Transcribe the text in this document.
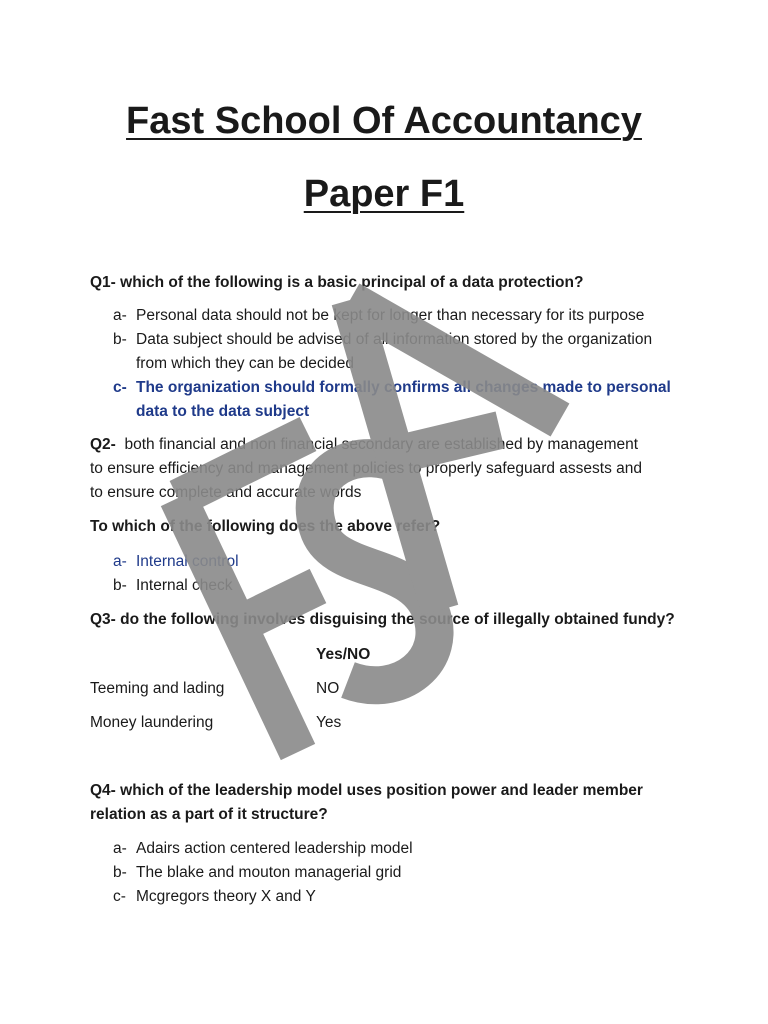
Fast School Of Accountancy
Paper F1
Q1- which of the following is a basic principal of a data protection?
a- Personal data should not be kept for longer than necessary for its purpose
b- Data subject should be advised of all information stored by the organization
from which they can be decided
c- The organization should formally confirms all changes made to personal
data to the data subject
Q2- both financial and non financial secondary are established by management
to ensure efficiency and management policies to properly safeguard assests and
to ensure complete and accurate words
To which of the following does the above refer?
a- Internal control
b- Internal check
Q3- do the following involves disguising the source of illegally obtained fundy?
Yes/NO
Teeming and lading	NO
Money laundering	Yes
Q4- which of the leadership model uses position power and leader member
relation as a part of it structure?
a- Adairs action centered leadership model
b- The blake and mouton managerial grid
c- Mcgregors theory X and Y
